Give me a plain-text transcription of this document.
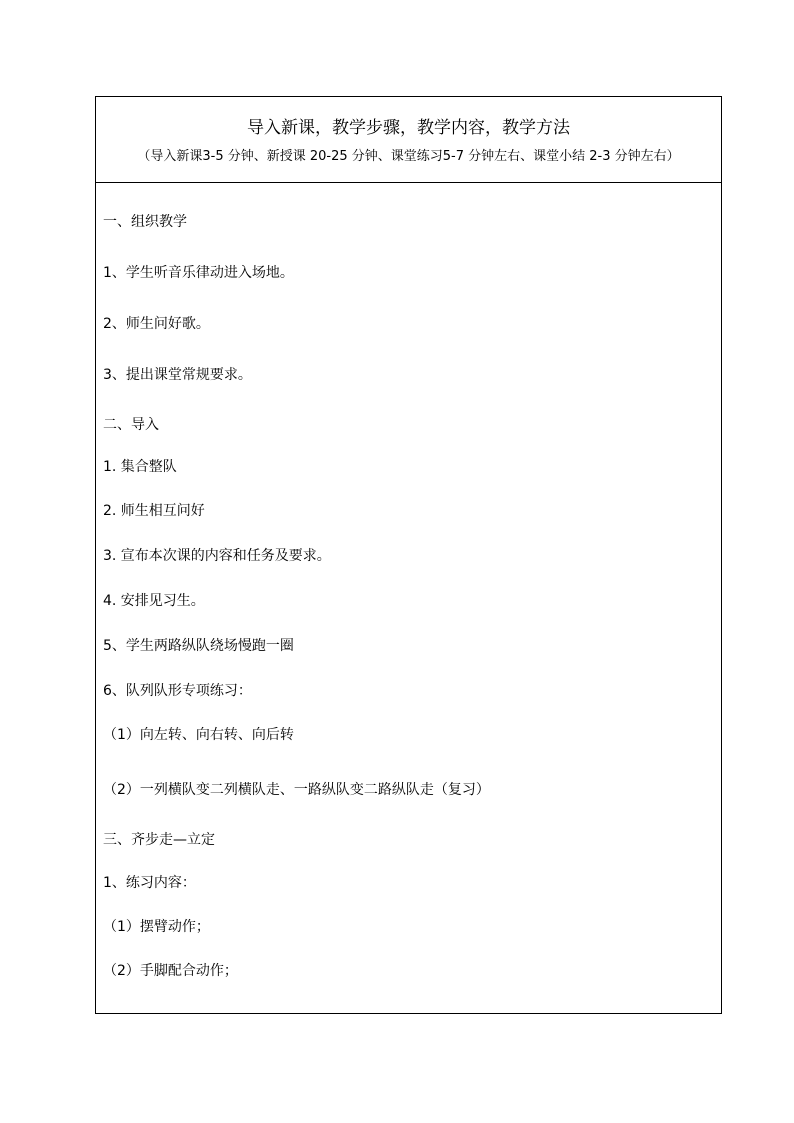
导入新课，教学步骤，教学内容，教学方法
（导入新课3-5 分钟、新授课 20-25 分钟、课堂练习5-7 分钟左右、课堂小结 2-3 分钟左右）
一、组织教学
1、学生听音乐律动进入场地。
2、师生问好歌。
3、提出课堂常规要求。
二、导入
1. 集合整队
2. 师生相互问好
3. 宣布本次课的内容和任务及要求。
4. 安排见习生。
5、学生两路纵队绕场慢跑一圈
6、队列队形专项练习：
（1）向左转、向右转、向后转
（2）一列横队变二列横队走、一路纵队变二路纵队走（复习）
三、齐步走—立定
1、练习内容：
（1）摆臂动作；
（2）手脚配合动作；
